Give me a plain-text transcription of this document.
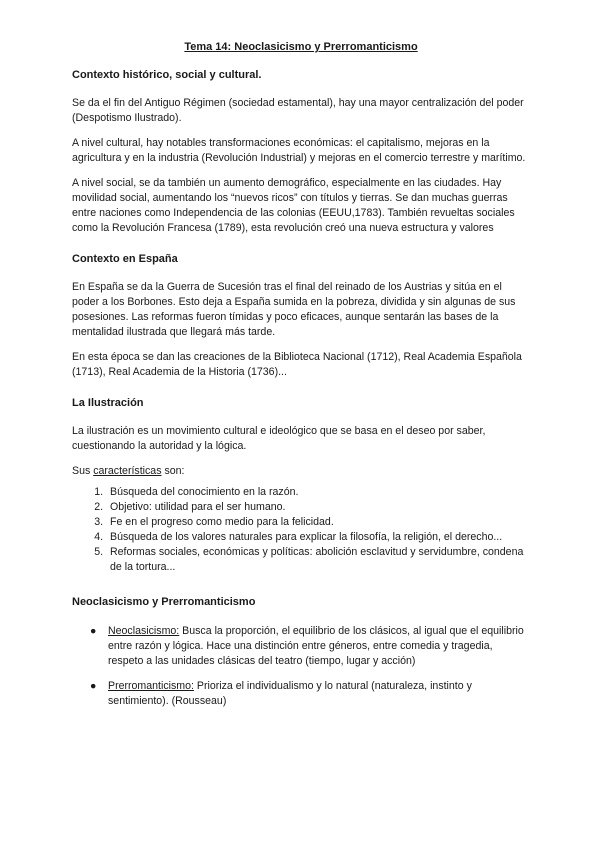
Tema 14: Neoclasicismo y Prerromanticismo
Contexto histórico, social y cultural.

Se da el fin del Antiguo Régimen (sociedad estamental), hay una mayor centralización del poder (Despotismo Ilustrado).

A nivel cultural, hay notables transformaciones económicas: el capitalismo, mejoras en la agricultura y en la industria (Revolución Industrial) y mejoras en el comercio terrestre y marítimo.

A nivel social, se da también un aumento demográfico, especialmente en las ciudades. Hay movilidad social, aumentando los “nuevos ricos” con títulos y tierras. Se dan muchas guerras entre naciones como Independencia de las colonias (EEUU,1783). También revueltas sociales como la Revolución Francesa (1789), esta revolución creó una nueva estructura y valores

Contexto en España

En España se da la Guerra de Sucesión tras el final del reinado de los Austrias y sitúa en el poder a los Borbones. Esto deja a España sumida en la pobreza, dividida y sin algunas de sus posesiones. Las reformas fueron tímidas y poco eficaces, aunque sentarán las bases de la mentalidad ilustrada que llegará más tarde.

En esta época se dan las creaciones de la Biblioteca Nacional (1712), Real Academia Española (1713), Real Academia de la Historia (1736)...

La Ilustración

La ilustración es un movimiento cultural e ideológico que se basa en el deseo por saber, cuestionando la autoridad y la lógica.

Sus características son:

1. Búsqueda del conocimiento en la razón.
2. Objetivo: utilidad para el ser humano.
3. Fe en el progreso como medio para la felicidad.
4. Búsqueda de los valores naturales para explicar la filosofía, la religión, el derecho...
5. Reformas sociales, económicas y políticas: abolición esclavitud y servidumbre, condena de la tortura...
Neoclasicismo y Prerromanticismo
● Neoclasicismo: Busca la proporción, el equilibrio de los clásicos, al igual que el equilibrio entre razón y lógica. Hace una distinción entre géneros, entre comedia y tragedia, respeto a las unidades clásicas del teatro (tiempo, lugar y acción)
● Prerromanticismo: Prioriza el individualismo y lo natural (naturaleza, instinto y sentimiento). (Rousseau)
